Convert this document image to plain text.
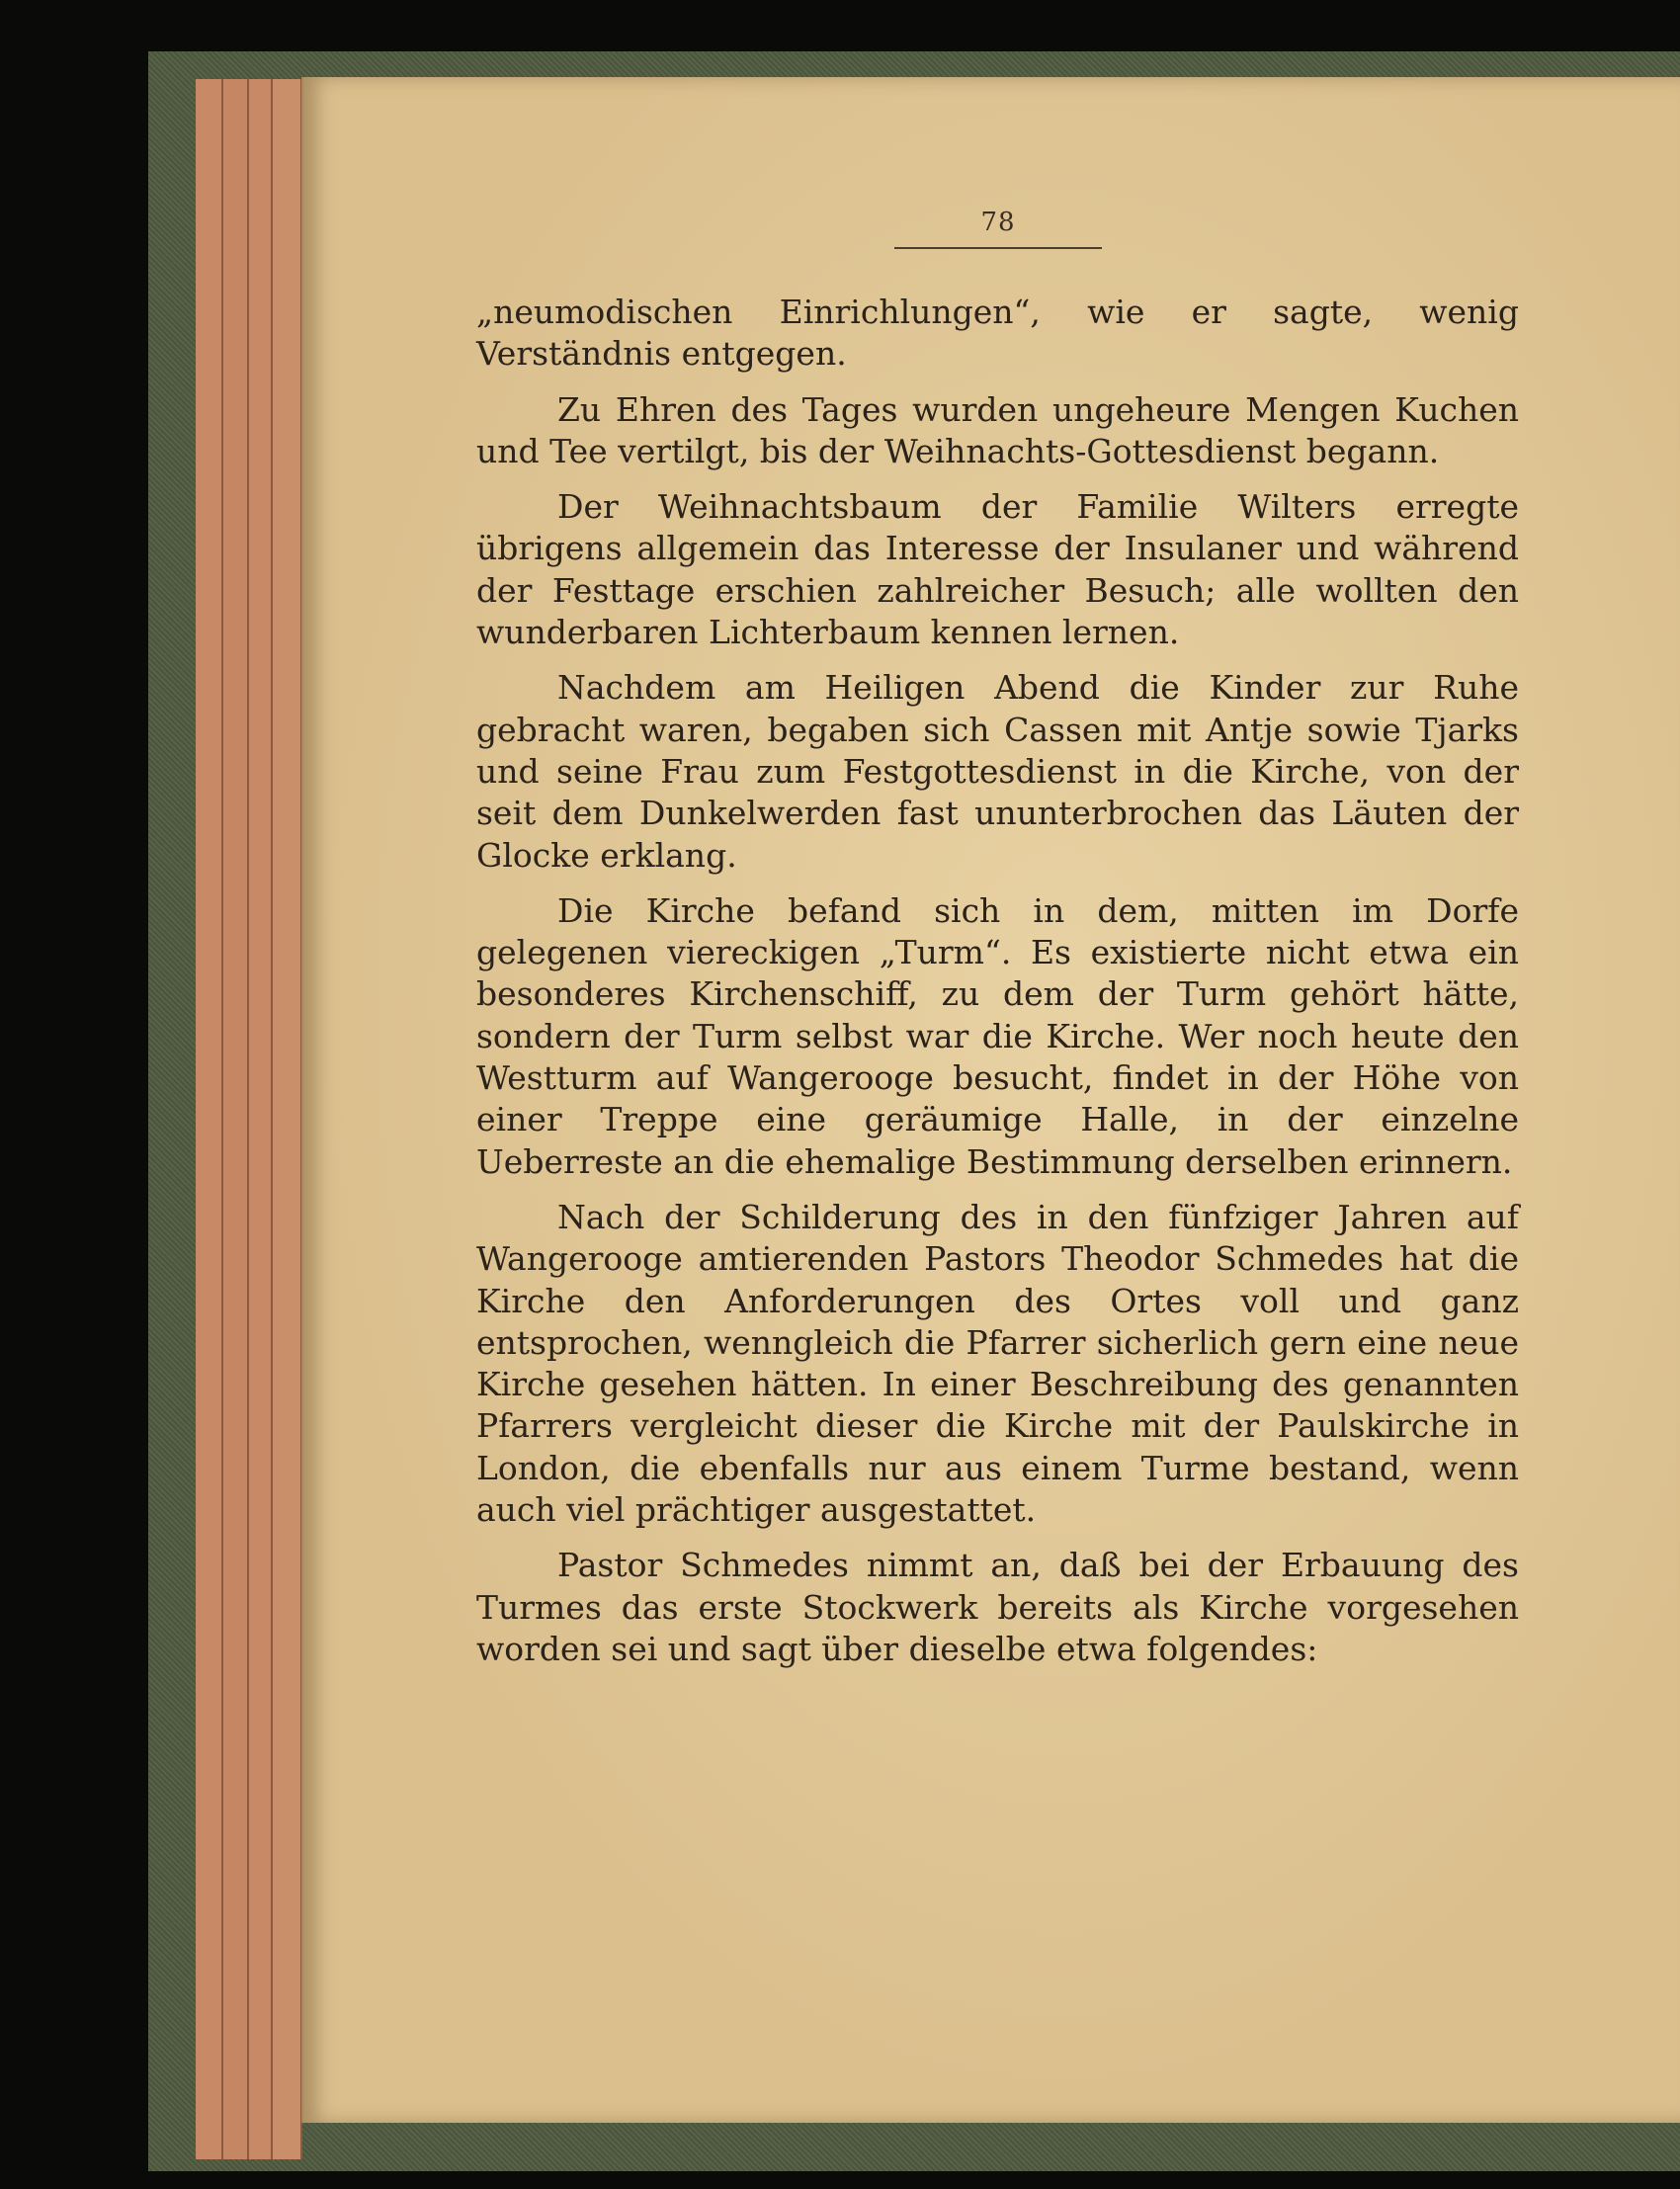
78

„neumodischen Einrichlungen“, wie er sagte, wenig Verständnis entgegen.

Zu Ehren des Tages wurden ungeheure Mengen Kuchen und Tee vertilgt, bis der Weihnachts-Gottesdienst begann.

Der Weihnachtsbaum der Familie Wilters erregte übrigens allgemein das Interesse der Insulaner und während der Festtage erschien zahlreicher Besuch; alle wollten den wunderbaren Lichterbaum kennen lernen.

Nachdem am Heiligen Abend die Kinder zur Ruhe gebracht waren, begaben sich Cassen mit Antje sowie Tjarks und seine Frau zum Festgottesdienst in die Kirche, von der seit dem Dunkelwerden fast ununterbrochen das Läuten der Glocke erklang.

Die Kirche befand sich in dem, mitten im Dorfe gelegenen viereckigen „Turm“. Es existierte nicht etwa ein besonderes Kirchenschiff, zu dem der Turm gehört hätte, sondern der Turm selbst war die Kirche. Wer noch heute den Westturm auf Wangerooge besucht, findet in der Höhe von einer Treppe eine geräumige Halle, in der einzelne Ueberreste an die ehemalige Bestimmung derselben erinnern.

Nach der Schilderung des in den fünfziger Jahren auf Wangerooge amtierenden Pastors Theodor Schmedes hat die Kirche den Anforderungen des Ortes voll und ganz entsprochen, wenngleich die Pfarrer sicherlich gern eine neue Kirche gesehen hätten. In einer Beschreibung des genannten Pfarrers vergleicht dieser die Kirche mit der Paulskirche in London, die ebenfalls nur aus einem Turme bestand, wenn auch viel prächtiger ausgestattet.

Pastor Schmedes nimmt an, daß bei der Erbauung des Turmes das erste Stockwerk bereits als Kirche vorgesehen worden sei und sagt über dieselbe etwa folgendes:
